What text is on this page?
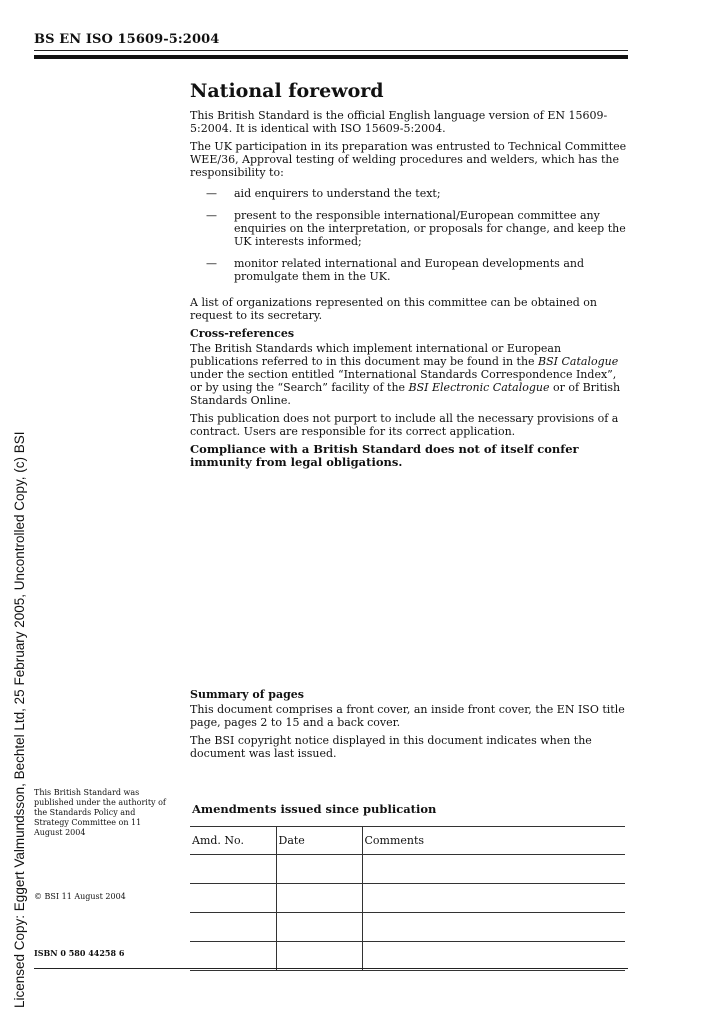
BS EN ISO 15609-5:2004
Licensed Copy: Eggert Valmundsson, Bechtel Ltd, 25 February 2005, Uncontrolled Copy, (c) BSI
National foreword

This British Standard is the official English language version of EN 15609-5:2004. It is identical with ISO 15609-5:2004.

The UK participation in its preparation was entrusted to Technical Committee WEE/36, Approval testing of welding procedures and welders, which has the responsibility to:

— aid enquirers to understand the text;
— present to the responsible international/European committee any enquiries on the interpretation, or proposals for change, and keep the UK interests informed;
— monitor related international and European developments and promulgate them in the UK.

A list of organizations represented on this committee can be obtained on request to its secretary.

Cross-references

The British Standards which implement international or European publications referred to in this document may be found in the BSI Catalogue under the section entitled “International Standards Correspondence Index”, or by using the “Search” facility of the BSI Electronic Catalogue or of British Standards Online.

This publication does not purport to include all the necessary provisions of a contract. Users are responsible for its correct application.

Compliance with a British Standard does not of itself confer immunity from legal obligations.

Summary of pages

This document comprises a front cover, an inside front cover, the EN ISO title page, pages 2 to 15 and a back cover.

The BSI copyright notice displayed in this document indicates when the document was last issued.

This British Standard was published under the authority of the Standards Policy and Strategy Committee on 11 August 2004
© BSI 11 August 2004
ISBN 0 580 44258 6
Amendments issued since publication
Amd. No.	Date	Comments
